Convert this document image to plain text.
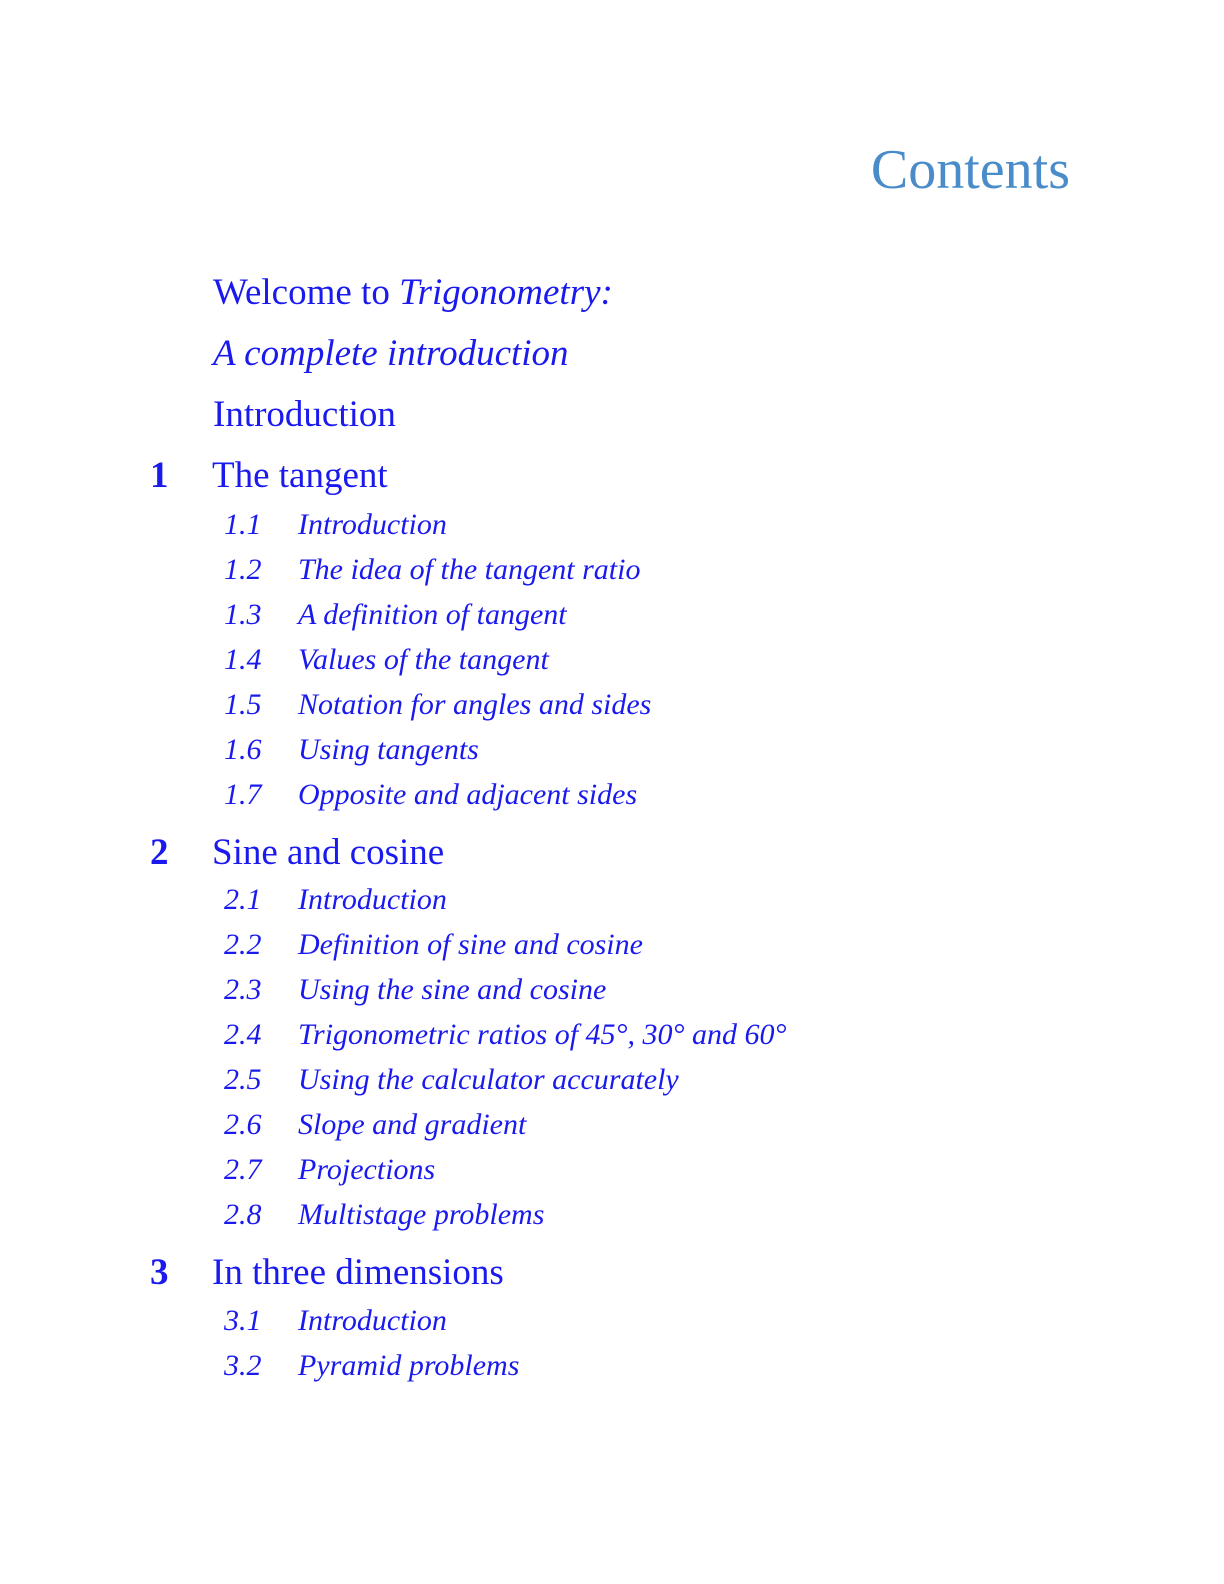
Contents
Welcome to Trigonometry:
A complete introduction
Introduction
1 The tangent
1.1 Introduction
1.2 The idea of the tangent ratio
1.3 A definition of tangent
1.4 Values of the tangent
1.5 Notation for angles and sides
1.6 Using tangents
1.7 Opposite and adjacent sides
2 Sine and cosine
2.1 Introduction
2.2 Definition of sine and cosine
2.3 Using the sine and cosine
2.4 Trigonometric ratios of 45°, 30° and 60°
2.5 Using the calculator accurately
2.6 Slope and gradient
2.7 Projections
2.8 Multistage problems
3 In three dimensions
3.1 Introduction
3.2 Pyramid problems
